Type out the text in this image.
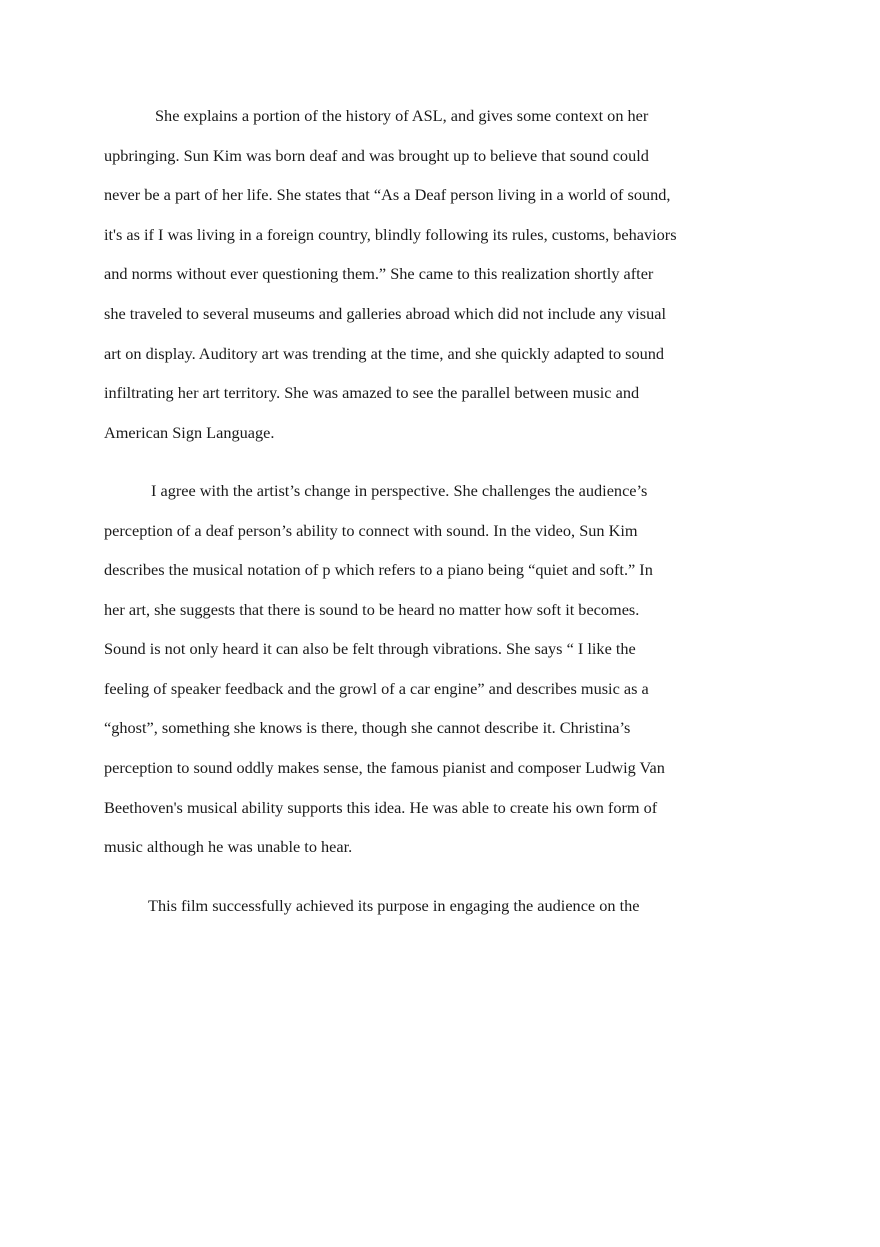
She explains a portion of the history of ASL, and gives some context on her
upbringing. Sun Kim was born deaf and was brought up to believe that sound could
never be a part of her life. She states that “As a Deaf person living in a world of sound,
it's as if I was living in a foreign country, blindly following its rules, customs, behaviors
and norms without ever questioning them.” She came to this realization shortly after
she traveled to several museums and galleries abroad which did not include any visual
art on display. Auditory art was trending at the time, and she quickly adapted to sound
infiltrating her art territory. She was amazed to see the parallel between music and
American Sign Language.
I agree with the artist’s change in perspective. She challenges the audience’s
perception of a deaf person’s ability to connect with sound. In the video, Sun Kim
describes the musical notation of p which refers to a piano being “quiet and soft.” In
her art, she suggests that there is sound to be heard no matter how soft it becomes.
Sound is not only heard it can also be felt through vibrations. She says “ I like the
feeling of speaker feedback and the growl of a car engine” and describes music as a
“ghost”, something she knows is there, though she cannot describe it. Christina’s
perception to sound oddly makes sense, the famous pianist and composer Ludwig Van
Beethoven's musical ability supports this idea. He was able to create his own form of
music although he was unable to hear.
This film successfully achieved its purpose in engaging the audience on the
